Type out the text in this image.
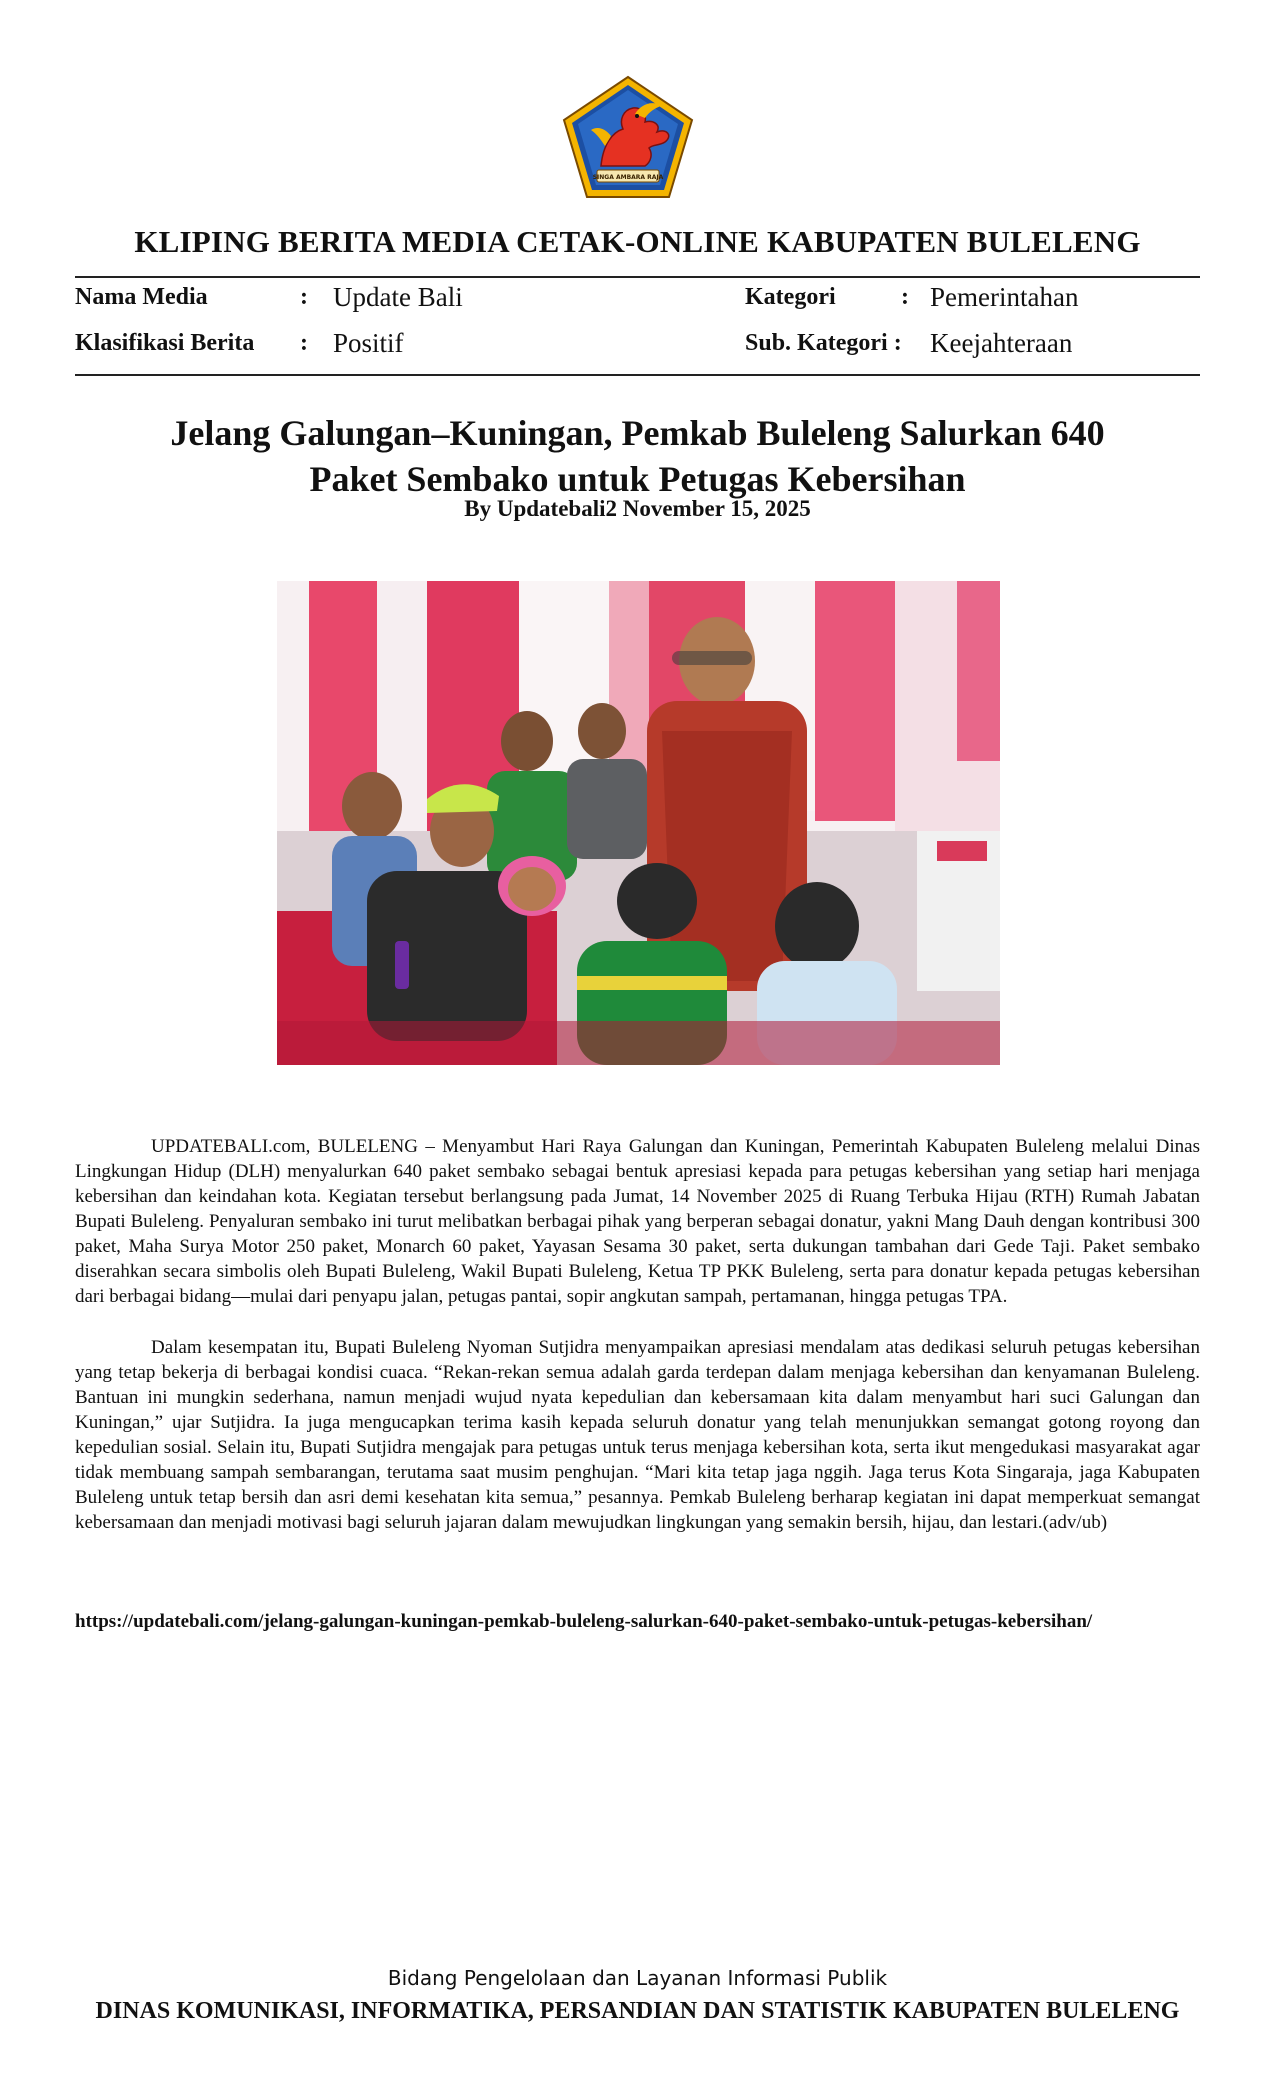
SINGA AMBARA RAJA
KLIPING BERITA MEDIA CETAK-ONLINE KABUPATEN BULELENG
Nama Media	: Update Bali	Kategori	: Pemerintahan
Klasifikasi Berita : Positif	Sub. Kategori : Keejahteraan
Jelang Galungan–Kuningan, Pemkab Buleleng Salurkan 640
Paket Sembako untuk Petugas Kebersihan
By Updatebali2 November 15, 2025

UPDATEBALI.com, BULELENG – Menyambut Hari Raya Galungan dan Kuningan, Pemerintah Kabupaten Buleleng melalui Dinas Lingkungan Hidup (DLH) menyalurkan 640 paket sembako sebagai bentuk apresiasi kepada para petugas kebersihan yang setiap hari menjaga kebersihan dan keindahan kota. Kegiatan tersebut berlangsung pada Jumat, 14 November 2025 di Ruang Terbuka Hijau (RTH) Rumah Jabatan Bupati Buleleng. Penyaluran sembako ini turut melibatkan berbagai pihak yang berperan sebagai donatur, yakni Mang Dauh dengan kontribusi 300 paket, Maha Surya Motor 250 paket, Monarch 60 paket, Yayasan Sesama 30 paket, serta dukungan tambahan dari Gede Taji. Paket sembako diserahkan secara simbolis oleh Bupati Buleleng, Wakil Bupati Buleleng, Ketua TP PKK Buleleng, serta para donatur kepada petugas kebersihan dari berbagai bidang—mulai dari penyapu jalan, petugas pantai, sopir angkutan sampah, pertamanan, hingga petugas TPA.

Dalam kesempatan itu, Bupati Buleleng Nyoman Sutjidra menyampaikan apresiasi mendalam atas dedikasi seluruh petugas kebersihan yang tetap bekerja di berbagai kondisi cuaca. “Rekan-rekan semua adalah garda terdepan dalam menjaga kebersihan dan kenyamanan Buleleng. Bantuan ini mungkin sederhana, namun menjadi wujud nyata kepedulian dan kebersamaan kita dalam menyambut hari suci Galungan dan Kuningan,” ujar Sutjidra. Ia juga mengucapkan terima kasih kepada seluruh donatur yang telah menunjukkan semangat gotong royong dan kepedulian sosial. Selain itu, Bupati Sutjidra mengajak para petugas untuk terus menjaga kebersihan kota, serta ikut mengedukasi masyarakat agar tidak membuang sampah sembarangan, terutama saat musim penghujan. “Mari kita tetap jaga nggih. Jaga terus Kota Singaraja, jaga Kabupaten Buleleng untuk tetap bersih dan asri demi kesehatan kita semua,” pesannya. Pemkab Buleleng berharap kegiatan ini dapat memperkuat semangat kebersamaan dan menjadi motivasi bagi seluruh jajaran dalam mewujudkan lingkungan yang semakin bersih, hijau, dan lestari.(adv/ub)

https://updatebali.com/jelang-galungan-kuningan-pemkab-buleleng-salurkan-640-paket-sembako-untuk-petugas-kebersihan/
Bidang Pengelolaan dan Layanan Informasi Publik
DINAS KOMUNIKASI, INFORMATIKA, PERSANDIAN DAN STATISTIK KABUPATEN BULELENG
